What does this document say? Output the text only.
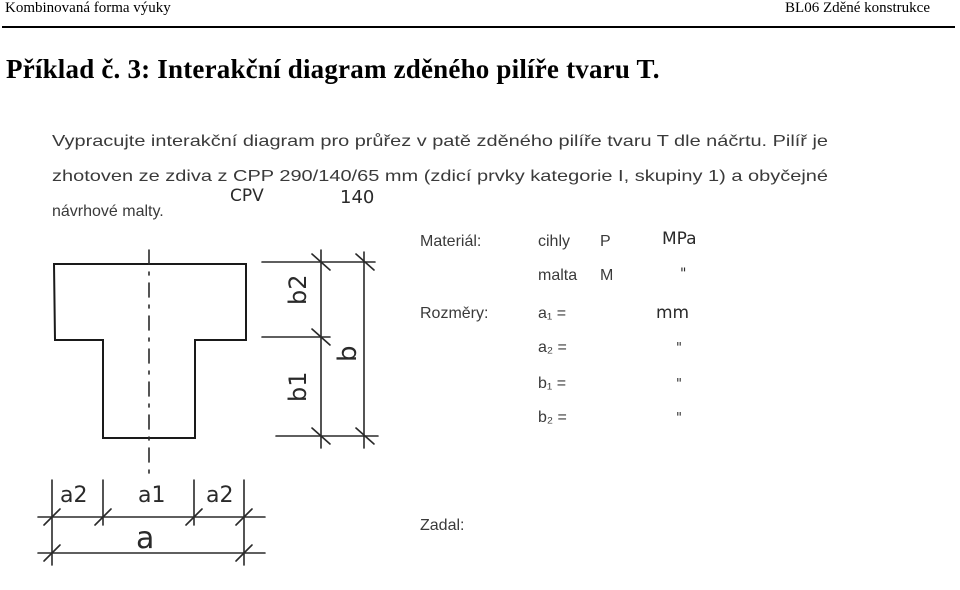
Kombinovaná forma výuky	BL06 Zděné konstrukce
Příklad č. 3: Interakční diagram zděného pilíře tvaru T.
Vypracujte interakční diagram pro průřez v patě zděného pilíře tvaru T dle náčrtu. Pilíř je
zhotoven ze zdiva z CPP 290/140/65 mm (zdicí prvky kategorie I, skupiny 1) a obyčejné
návrhové malty.
CPV	140
Materiál:	cihly P	MPa
malta M	"
Rozměry:	a₁ =	mm
a₂ =	"
b₁ =	"
b₂ =	"
Zadal:
b2
b1
b
a2 a1 a2
a
